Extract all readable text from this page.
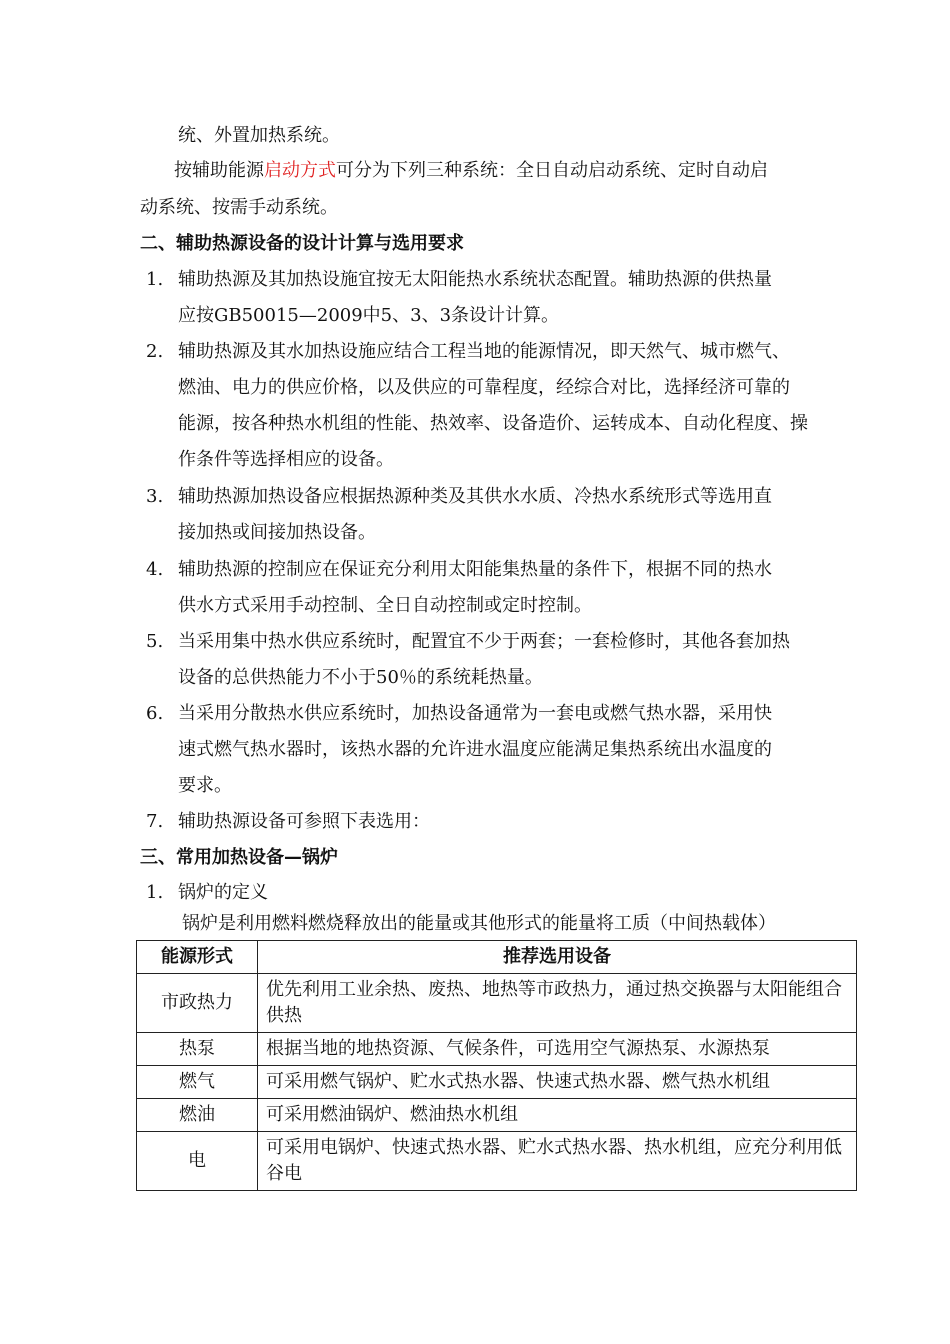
统、外置加热系统。
按辅助能源启动方式可分为下列三种系统：全日自动启动系统、定时自动启
动系统、按需手动系统。
二、辅助热源设备的设计计算与选用要求
1. 辅助热源及其加热设施宜按无太阳能热水系统状态配置。辅助热源的供热量
应按GB50015—2009中5、3、3条设计计算。
2. 辅助热源及其水加热设施应结合工程当地的能源情况，即天然气、城市燃气、
燃油、电力的供应价格，以及供应的可靠程度，经综合对比，选择经济可靠的
能源，按各种热水机组的性能、热效率、设备造价、运转成本、自动化程度、操
作条件等选择相应的设备。
3. 辅助热源加热设备应根据热源种类及其供水水质、冷热水系统形式等选用直
接加热或间接加热设备。
4. 辅助热源的控制应在保证充分利用太阳能集热量的条件下，根据不同的热水
供水方式采用手动控制、全日自动控制或定时控制。
5. 当采用集中热水供应系统时，配置宜不少于两套；一套检修时，其他各套加热
设备的总供热能力不小于50％的系统耗热量。
6. 当采用分散热水供应系统时，加热设备通常为一套电或燃气热水器，采用快
速式燃气热水器时，该热水器的允许进水温度应能满足集热系统出水温度的
要求。
7. 辅助热源设备可参照下表选用：
三、常用加热设备—锅炉
1. 锅炉的定义
锅炉是利用燃料燃烧释放出的能量或其他形式的能量将工质（中间热载体）
能源形式	推荐选用设备
市政热力	优先利用工业余热、废热、地热等市政热力，通过热交换器与太阳能组合供热
热泵	根据当地的地热资源、气候条件，可选用空气源热泵、水源热泵
燃气	可采用燃气锅炉、贮水式热水器、快速式热水器、燃气热水机组
燃油	可采用燃油锅炉、燃油热水机组
电	可采用电锅炉、快速式热水器、贮水式热水器、热水机组，应充分利用低谷电
